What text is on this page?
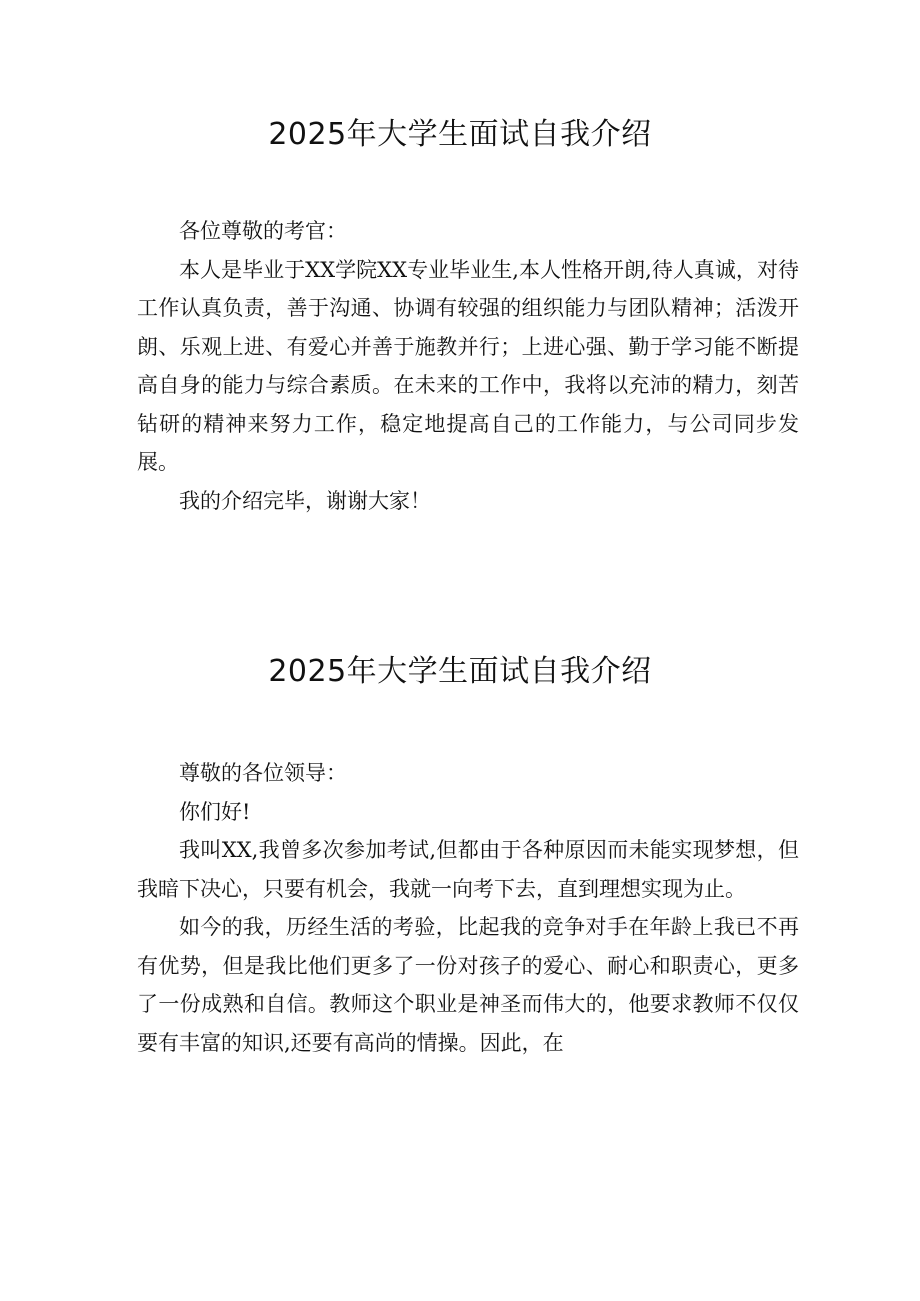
2025年大学生面试自我介绍

各位尊敬的考官：

本人是毕业于XX学院XX专业毕业生,本人性格开朗,待人真诚，对待工作认真负责，善于沟通、协调有较强的组织能力与团队精神；活泼开朗、乐观上进、有爱心并善于施教并行；上进心强、勤于学习能不断提高自身的能力与综合素质。在未来的工作中，我将以充沛的精力，刻苦钻研的精神来努力工作，稳定地提高自己的工作能力，与公司同步发展。

我的介绍完毕，谢谢大家！

2025年大学生面试自我介绍

尊敬的各位领导：

你们好!

我叫XX,我曾多次参加考试,但都由于各种原因而未能实现梦想，但我暗下决心，只要有机会，我就一向考下去，直到理想实现为止。

如今的我，历经生活的考验，比起我的竞争对手在年龄上我已不再有优势，但是我比他们更多了一份对孩子的爱心、耐心和职责心，更多了一份成熟和自信。教师这个职业是神圣而伟大的，他要求教师不仅仅要有丰富的知识,还要有高尚的情操。因此，在
